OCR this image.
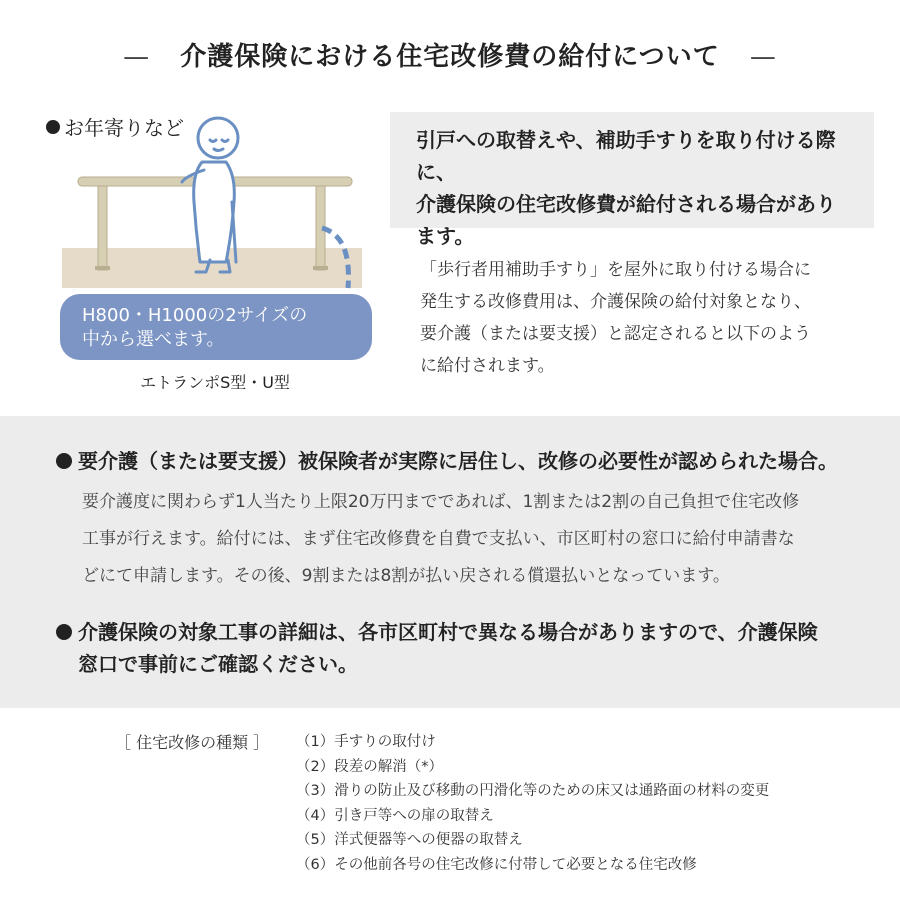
— 介護保険における住宅改修費の給付について —
お年寄りなど
H800・H1000の2サイズの
中から選べます。
エトランポS型・U型
引戸への取替えや、補助手すりを取り付ける際に、
介護保険の住宅改修費が給付される場合があり
ます。
「歩行者用補助手すり」を屋外に取り付ける場合に
発生する改修費用は、介護保険の給付対象となり、
要介護（または要支援）と認定されると以下のよう
に給付されます。
要介護（または要支援）被保険者が実際に居住し、改修の必要性が認められた場合。
要介護度に関わらず1人当たり上限20万円までであれば、1割または2割の自己負担で住宅改修
工事が行えます。給付には、まず住宅改修費を自費で支払い、市区町村の窓口に給付申請書な
どにて申請します。その後、9割または8割が払い戻される償還払いとなっています。
介護保険の対象工事の詳細は、各市区町村で異なる場合がありますので、介護保険
窓口で事前にご確認ください。
［ 住宅改修の種類 ］ （1）手すりの取付け
（2）段差の解消（*）
（3）滑りの防止及び移動の円滑化等のための床又は通路面の材料の変更
（4）引き戸等への扉の取替え
（5）洋式便器等への便器の取替え
（6）その他前各号の住宅改修に付帯して必要となる住宅改修
